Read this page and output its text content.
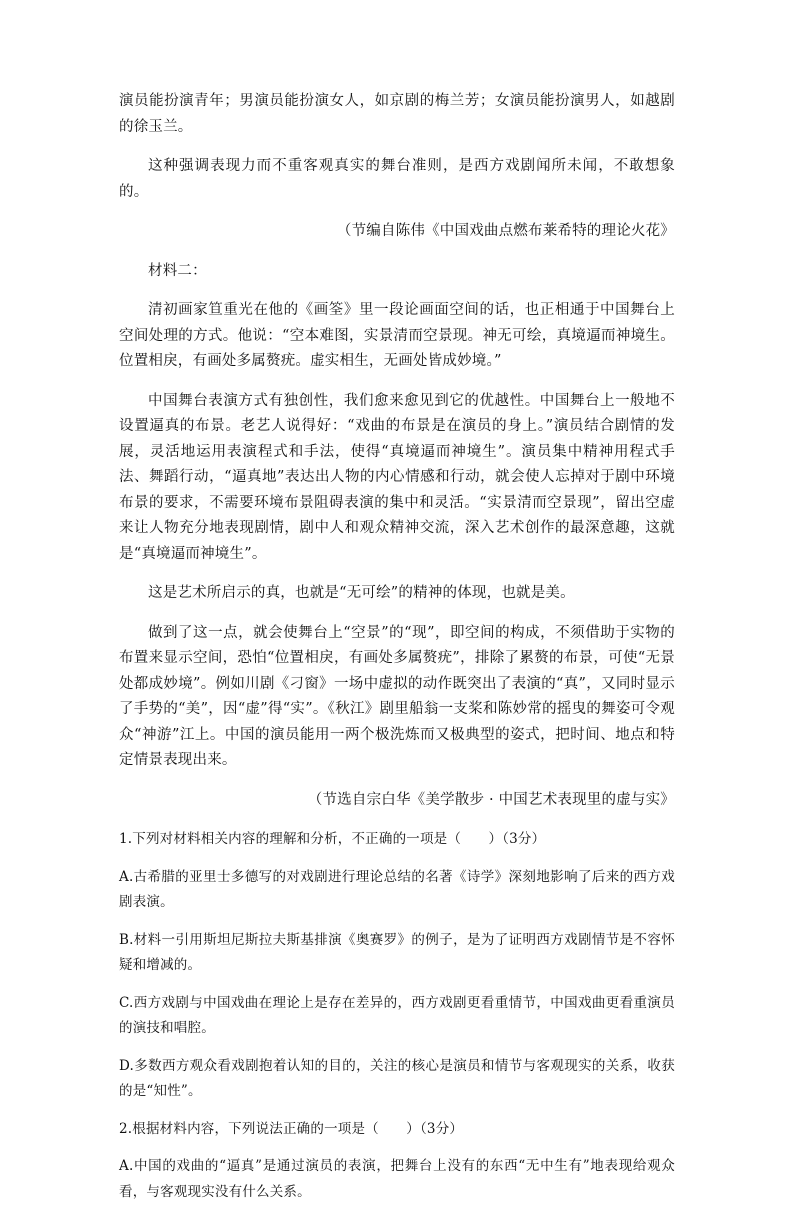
演员能扮演青年；男演员能扮演女人，如京剧的梅兰芳；女演员能扮演男人，如越剧的徐玉兰。

这种强调表现力而不重客观真实的舞台准则，是西方戏剧闻所未闻，不敢想象的。

（节编自陈伟《中国戏曲点燃布莱希特的理论火花》

材料二：

清初画家笪重光在他的《画筌》里一段论画面空间的话，也正相通于中国舞台上空间处理的方式。他说：“空本难图，实景清而空景现。神无可绘，真境逼而神境生。位置相戾，有画处多属赘疣。虚实相生，无画处皆成妙境。”

中国舞台表演方式有独创性，我们愈来愈见到它的优越性。中国舞台上一般地不设置逼真的布景。老艺人说得好：“戏曲的布景是在演员的身上。”演员结合剧情的发展，灵活地运用表演程式和手法，使得“真境逼而神境生”。演员集中精神用程式手法、舞蹈行动，“逼真地”表达出人物的内心情感和行动，就会使人忘掉对于剧中环境布景的要求，不需要环境布景阻碍表演的集中和灵活。“实景清而空景现”，留出空虚来让人物充分地表现剧情，剧中人和观众精神交流，深入艺术创作的最深意趣，这就是“真境逼而神境生”。

这是艺术所启示的真，也就是“无可绘”的精神的体现，也就是美。

做到了这一点，就会使舞台上“空景”的“现”，即空间的构成，不须借助于实物的布置来显示空间，恐怕“位置相戾，有画处多属赘疣”，排除了累赘的布景，可使“无景处都成妙境”。例如川剧《刁窗》一场中虚拟的动作既突出了表演的“真”，又同时显示了手势的“美”，因“虚”得“实”。《秋江》剧里船翁一支桨和陈妙常的摇曳的舞姿可令观众“神游”江上。中国的演员能用一两个极洗炼而又极典型的姿式，把时间、地点和特定情景表现出来。

（节选自宗白华《美学散步 · 中国艺术表现里的虚与实》

1.下列对材料相关内容的理解和分析，不正确的一项是（　　）（3分）

A.古希腊的亚里士多德写的对戏剧进行理论总结的名著《诗学》深刻地影响了后来的西方戏剧表演。

B.材料一引用斯坦尼斯拉夫斯基排演《奥赛罗》的例子，是为了证明西方戏剧情节是不容怀疑和增减的。

C.西方戏剧与中国戏曲在理论上是存在差异的，西方戏剧更看重情节，中国戏曲更看重演员的演技和唱腔。

D.多数西方观众看戏剧抱着认知的目的，关注的核心是演员和情节与客观现实的关系，收获的是“知性”。

2.根据材料内容，下列说法正确的一项是（　　）（3分）

A.中国的戏曲的“逼真”是通过演员的表演，把舞台上没有的东西“无中生有”地表现给观众看，与客观现实没有什么关系。
